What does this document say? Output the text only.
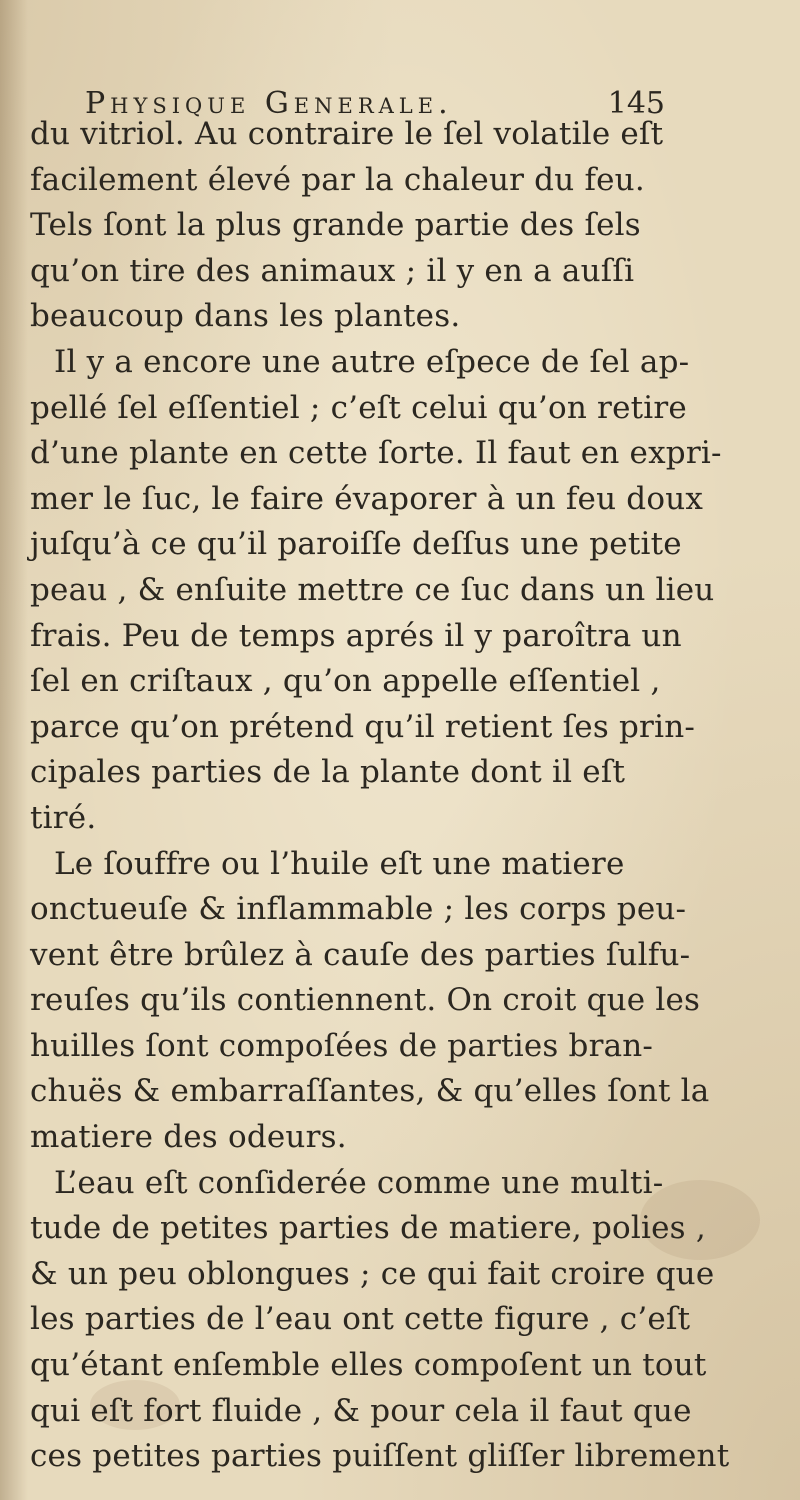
Physique Generale.	145
du vitriol. Au contraire le ſel volatile eſt
facilement élevé par la chaleur du feu.
Tels ſont la plus grande partie des ſels
qu’on tire des animaux ; il y en a auſſi
beaucoup dans les plantes.
Il y a encore une autre eſpece de ſel ap-
pellé ſel eſſentiel ; c’eſt celui qu’on retire
d’une plante en cette ſorte. Il faut en expri-
mer le ſuc, le faire évaporer à un feu doux
juſqu’à ce qu’il paroiſſe deſſus une petite
peau , & enſuite mettre ce ſuc dans un lieu
frais. Peu de temps aprés il y paroîtra un
ſel en criſtaux , qu’on appelle eſſentiel ,
parce qu’on prétend qu’il retient ſes prin-
cipales parties de la plante dont il eſt
tiré.
Le ſouffre ou l’huile eſt une matiere
onctueuſe & inflammable ; les corps peu-
vent être brûlez à cauſe des parties ſulfu-
reuſes qu’ils contiennent. On croit que les
huilles ſont compoſées de parties bran-
chuës & embarraſſantes, & qu’elles ſont la
matiere des odeurs.
L’eau eſt conſiderée comme une multi-
tude de petites parties de matiere, polies ,
& un peu oblongues ; ce qui fait croire que
les parties de l’eau ont cette figure , c’eſt
qu’étant enſemble elles compoſent un tout
qui eſt fort fluide , & pour cela il faut que
ces petites parties puiſſent gliſſer librement
